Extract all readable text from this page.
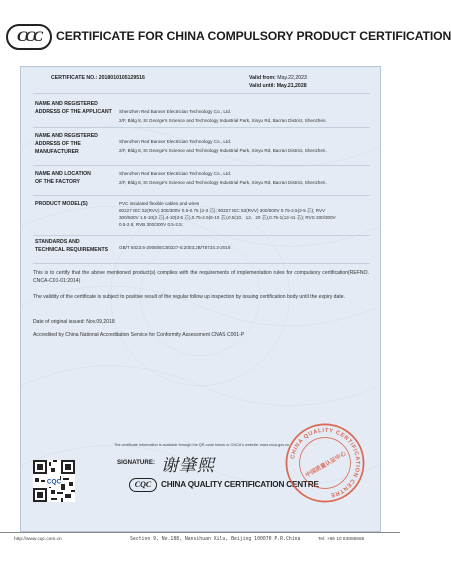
CCC CERTIFICATE FOR CHINA COMPULSORY PRODUCT CERTIFICATION
CERTIFICATE NO.: 2018010105129516	Valid from: May.22,2023
Valid until: May.21,2028
NAME AND REGISTERED
ADDRESS OF THE APPLICANT Shenzhen Red Banner Electrician Technology Co., Ltd.
2/F, Bldg 8, St George's Science and Technology Industrial Park, Xinyu Rd, Bao'an District, Shenzhen.
NAME AND REGISTERED
ADDRESS OF THE
MANUFACTURER
Shenzhen Red Banner Electrician Technology Co., Ltd.
2/F, Bldg 8, St George's Science and Technology Industrial Park, Xinyu Rd, Bao'an District, Shenzhen.
NAME AND LOCATION
OF THE FACTORY
Shenzhen Red Banner Electrician Technology Co., Ltd.
2/F, Bldg 8, St George's Science and Technology Industrial Park, Xinyu Rd, Bao'an District, Shenzhen.
PRODUCT MODEL(S)	PVC insulated flexible cables and wires
60227 IEC 52(RVV) 300/300V 0.5-0.75 (2-3 芯); 60227 IEC 53(RVV) 300/500V 0.75-2.5(2-5 芯); RVV
300/500V 1.5-10(2 芯),4-10(3-5 芯),0.75-2.5(6-10 芯),0.5(10、12、20 芯),0.75-1(12-41 芯); RVS 300/300V
0.5-2.5; RVB 300/300V 0.5-2.5;
STANDARDS AND
TECHNICAL REQUIREMENTS GB/T 5023.5-2008/IEC60227-5:2003;JB/T8734.3-2016
This is to certify that the above mentioned product(s) complies with the requirements of implementation rules for compulsory certification(REFNO. CNCA-C01-01:2014)
The validity of the certificate is subject to positive result of the regular follow up inspection by issuing certification body until the expiry date.
Date of original issued: Nov.09,2018
Accredited by China National Accreditation Service for Conformity Assessment CNAS C001-P
The certificate information is available through the QR-code below or CNCA's website: www.cnca.gov.cn
CQC
SIGNATURE: 谢肇熙
CQC	CHINA QUALITY CERTIFICATION CENTRE
CHINA QUALITY CERTIFICATION CENTRE
中国质量认证中心
http://www.cqc.com.cn	Section 9, No.188, Nansihuan Xilu, Beijing 100070 P.R.China	Tel: +86 10 83886666
